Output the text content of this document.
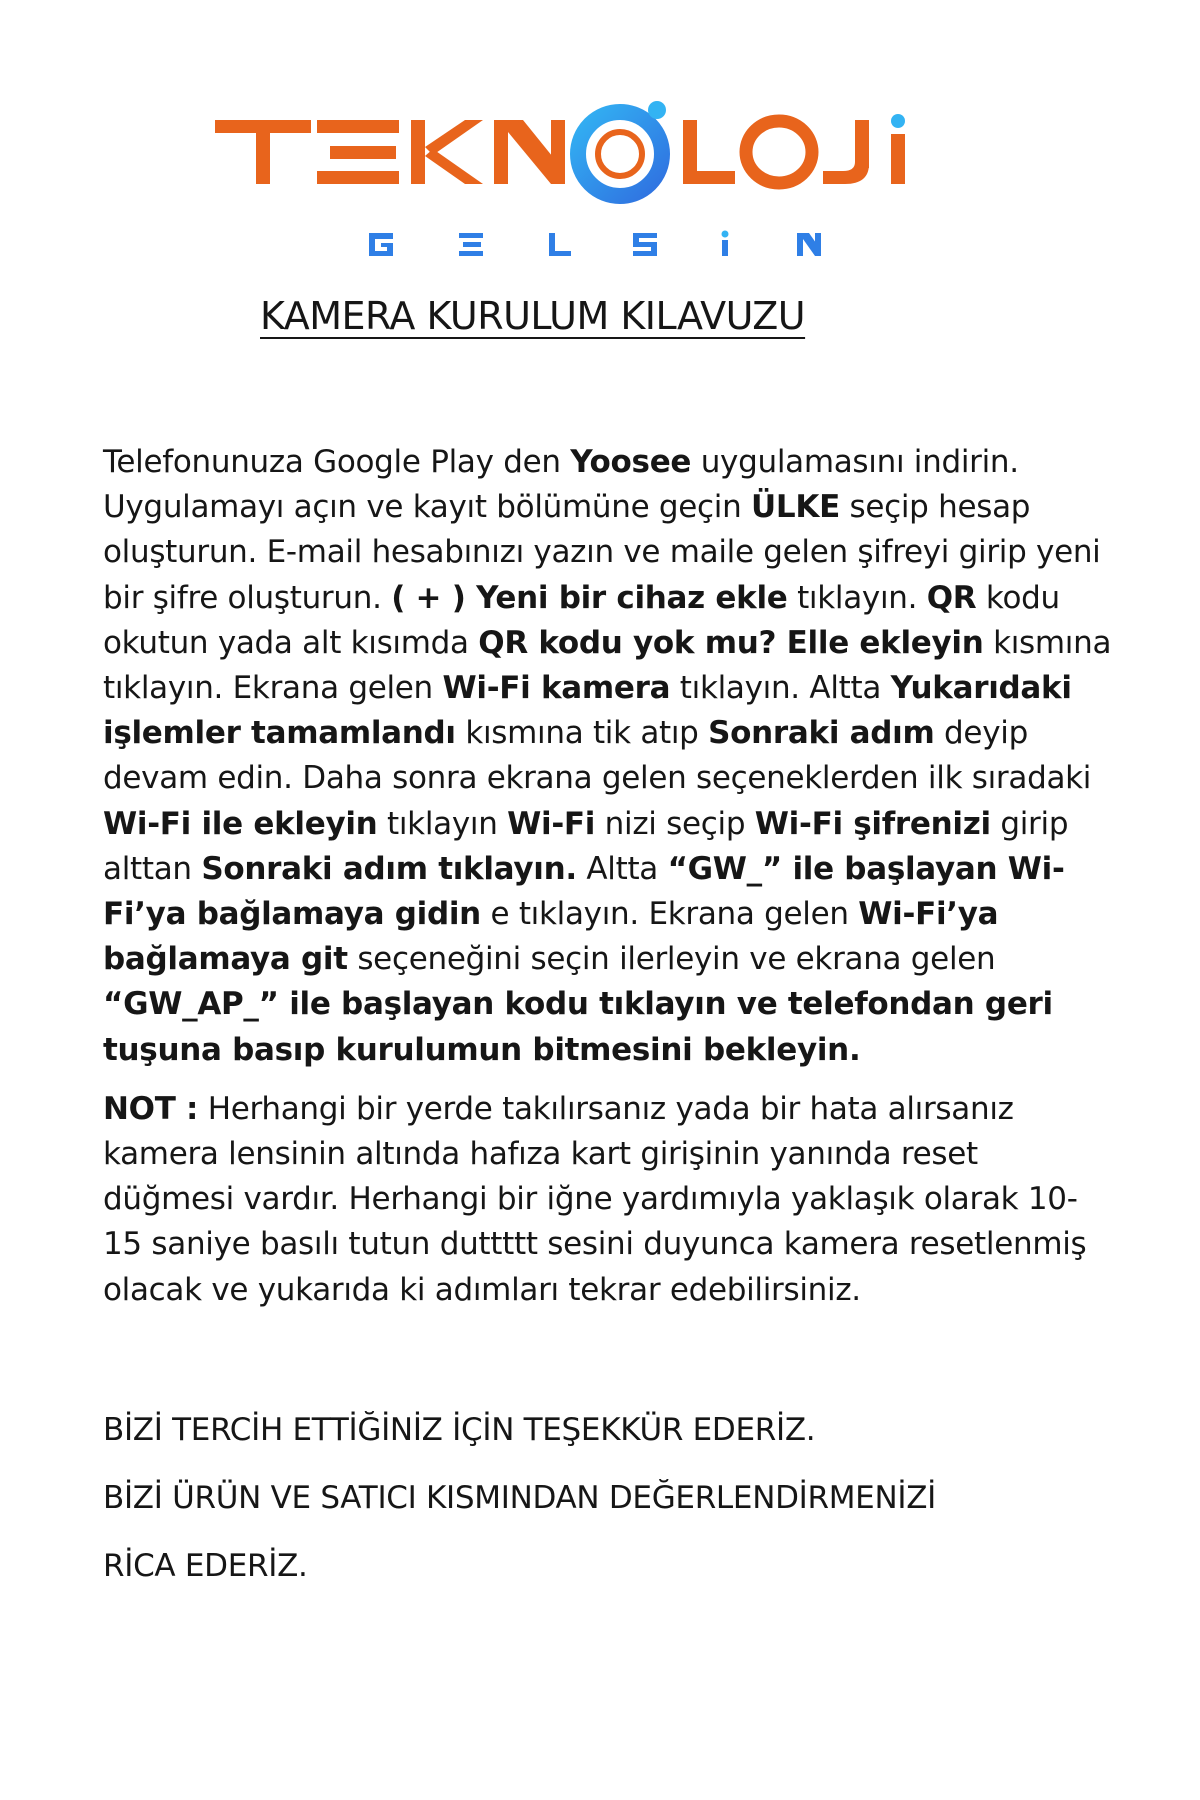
KAMERA KURULUM KILAVUZU

Telefonunuza Google Play den Yoosee uygulamasını indirin. Uygulamayı açın ve kayıt bölümüne geçin ÜLKE seçip hesap oluşturun. E-mail hesabınızı yazın ve maile gelen şifreyi girip yeni bir şifre oluşturun. ( + ) Yeni bir cihaz ekle tıklayın. QR kodu okutun yada alt kısımda QR kodu yok mu? Elle ekleyin kısmına tıklayın. Ekrana gelen Wi-Fi kamera tıklayın. Altta Yukarıdaki işlemler tamamlandı kısmına tik atıp Sonraki adım deyip devam edin. Daha sonra ekrana gelen seçeneklerden ilk sıradaki Wi-Fi ile ekleyin tıklayın Wi-Fi nizi seçip Wi-Fi şifrenizi girip alttan Sonraki adım tıklayın. Altta “GW_” ile başlayan Wi-Fi’ya bağlamaya gidin e tıklayın. Ekrana gelen Wi-Fi’ya bağlamaya git seçeneğini seçin ilerleyin ve ekrana gelen “GW_AP_” ile başlayan kodu tıklayın ve telefondan geri tuşuna basıp kurulumun bitmesini bekleyin.

NOT : Herhangi bir yerde takılırsanız yada bir hata alırsanız kamera lensinin altında hafıza kart girişinin yanında reset düğmesi vardır. Herhangi bir iğne yardımıyla yaklaşık olarak 10-15 saniye basılı tutun duttttt sesini duyunca kamera resetlenmiş olacak ve yukarıda ki adımları tekrar edebilirsiniz.

BİZİ TERCİH ETTİĞİNİZ İÇİN TEŞEKKÜR EDERİZ.
BİZİ ÜRÜN VE SATICI KISMINDAN DEĞERLENDİRMENİZİ
RİCA EDERİZ.
